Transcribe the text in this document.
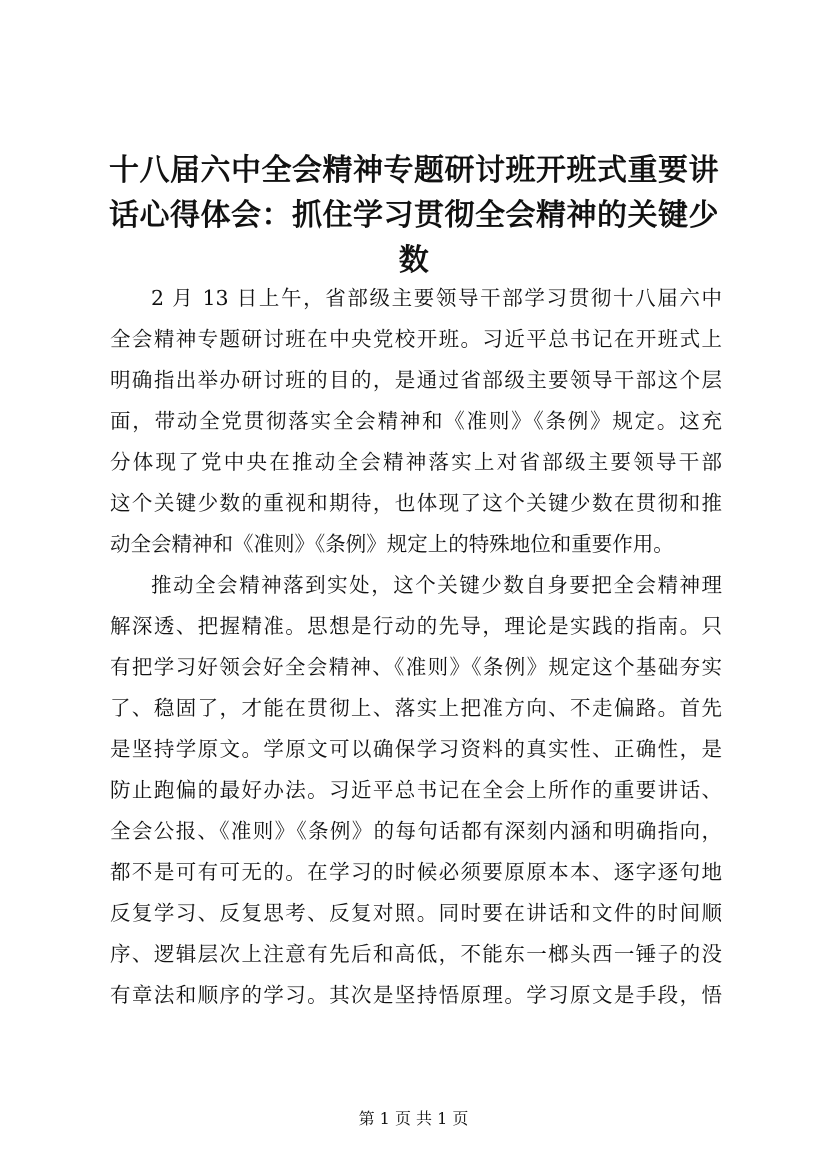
十八届六中全会精神专题研讨班开班式重要讲
话心得体会：抓住学习贯彻全会精神的关键少
数

2 月 13 日上午，省部级主要领导干部学习贯彻十八届六中
全会精神专题研讨班在中央党校开班。习近平总书记在开班式上
明确指出举办研讨班的目的，是通过省部级主要领导干部这个层
面，带动全党贯彻落实全会精神和《准则》《条例》规定。这充
分体现了党中央在推动全会精神落实上对省部级主要领导干部
这个关键少数的重视和期待，也体现了这个关键少数在贯彻和推
动全会精神和《准则》《条例》规定上的特殊地位和重要作用。

推动全会精神落到实处，这个关键少数自身要把全会精神理
解深透、把握精准。思想是行动的先导，理论是实践的指南。只
有把学习好领会好全会精神、《准则》《条例》规定这个基础夯实
了、稳固了，才能在贯彻上、落实上把准方向、不走偏路。首先
是坚持学原文。学原文可以确保学习资料的真实性、正确性，是
防止跑偏的最好办法。习近平总书记在全会上所作的重要讲话、
全会公报、《准则》《条例》的每句话都有深刻内涵和明确指向，
都不是可有可无的。在学习的时候必须要原原本本、逐字逐句地
反复学习、反复思考、反复对照。同时要在讲话和文件的时间顺
序、逻辑层次上注意有先后和高低，不能东一榔头西一锤子的没
有章法和顺序的学习。其次是坚持悟原理。学习原文是手段，悟

第 1 页 共 1 页
